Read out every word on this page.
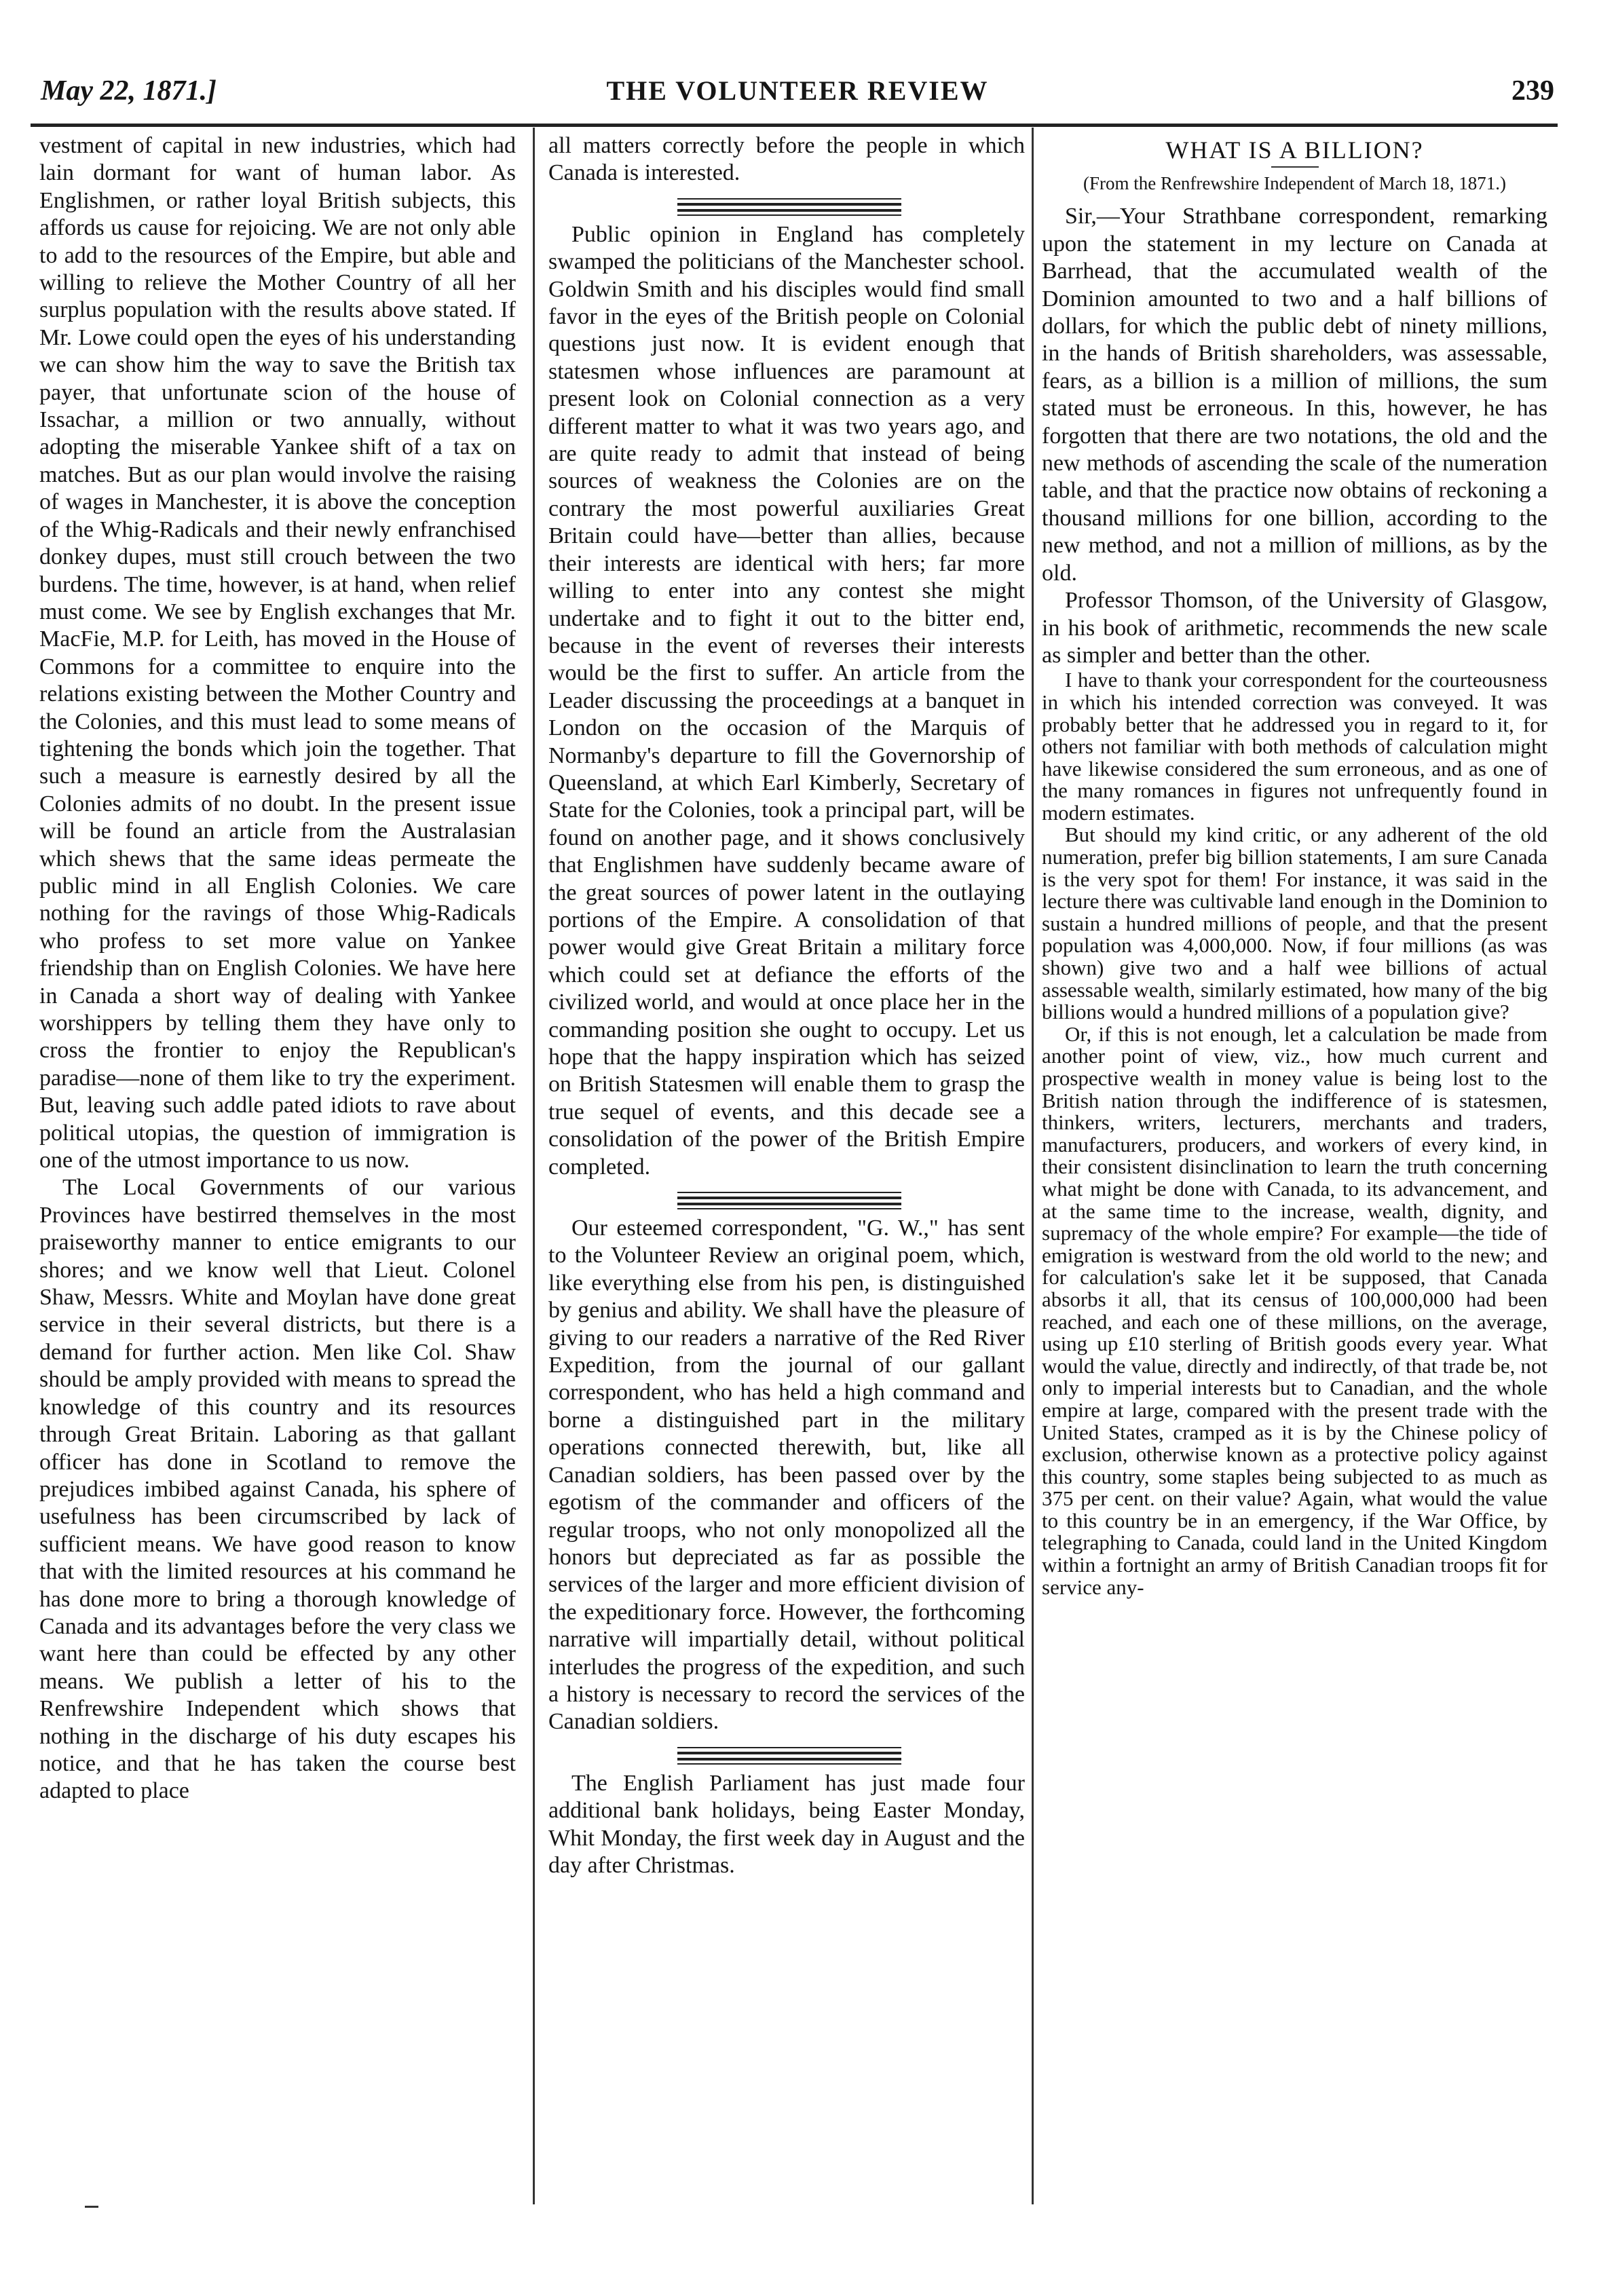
May 22, 1871.]	THE VOLUNTEER REVIEW	239

vestment of capital in new industries, which had lain dormant for want of human labor. As Englishmen, or rather loyal British subjects, this affords us cause for rejoicing. We are not only able to add to the resources of the Empire, but able and willing to relieve the Mother Country of all her surplus population with the results above stated. If Mr. Lowe could open the eyes of his understanding we can show him the way to save the British tax payer, that unfortunate scion of the house of Issachar, a million or two annually, without adopting the miserable Yankee shift of a tax on matches. But as our plan would involve the raising of wages in Manchester, it is above the conception of the Whig-Radicals and their newly enfranchised donkey dupes, must still crouch between the two burdens. The time, however, is at hand, when relief must come. We see by English exchanges that Mr. MacFie, M.P. for Leith, has moved in the House of Commons for a committee to enquire into the relations existing between the Mother Country and the Colonies, and this must lead to some means of tightening the bonds which join the together. That such a measure is earnestly desired by all the Colonies admits of no doubt. In the present issue will be found an article from the Australasian which shews that the same ideas permeate the public mind in all English Colonies. We care nothing for the ravings of those Whig-Radicals who profess to set more value on Yankee friendship than on English Colonies. We have here in Canada a short way of dealing with Yankee worshippers by telling them they have only to cross the frontier to enjoy the Republican's paradise—none of them like to try the experiment. But, leaving such addle pated idiots to rave about political utopias, the question of immigration is one of the utmost importance to us now.

The Local Governments of our various Provinces have bestirred themselves in the most praiseworthy manner to entice emigrants to our shores; and we know well that Lieut. Colonel Shaw, Messrs. White and Moylan have done great service in their several districts, but there is a demand for further action. Men like Col. Shaw should be amply provided with means to spread the knowledge of this country and its resources through Great Britain. Laboring as that gallant officer has done in Scotland to remove the prejudices imbibed against Canada, his sphere of usefulness has been circumscribed by lack of sufficient means. We have good reason to know that with the limited resources at his command he has done more to bring a thorough knowledge of Canada and its advantages before the very class we want here than could be effected by any other means. We publish a letter of his to the Renfrewshire Independent which shows that nothing in the discharge of his duty escapes his notice, and that he has taken the course best adapted to place

all matters correctly before the people in which Canada is interested.

Public opinion in England has completely swamped the politicians of the Manchester school. Goldwin Smith and his disciples would find small favor in the eyes of the British people on Colonial questions just now. It is evident enough that statesmen whose influences are paramount at present look on Colonial connection as a very different matter to what it was two years ago, and are quite ready to admit that instead of being sources of weakness the Colonies are on the contrary the most powerful auxiliaries Great Britain could have—better than allies, because their interests are identical with hers; far more willing to enter into any contest she might undertake and to fight it out to the bitter end, because in the event of reverses their interests would be the first to suffer. An article from the Leader discussing the proceedings at a banquet in London on the occasion of the Marquis of Normanby's departure to fill the Governorship of Queensland, at which Earl Kimberly, Secretary of State for the Colonies, took a principal part, will be found on another page, and it shows conclusively that Englishmen have suddenly became aware of the great sources of power latent in the outlaying portions of the Empire. A consolidation of that power would give Great Britain a military force which could set at defiance the efforts of the civilized world, and would at once place her in the commanding position she ought to occupy. Let us hope that the happy inspiration which has seized on British Statesmen will enable them to grasp the true sequel of events, and this decade see a consolidation of the power of the British Empire completed.

Our esteemed correspondent, "G. W.," has sent to the Volunteer Review an original poem, which, like everything else from his pen, is distinguished by genius and ability. We shall have the pleasure of giving to our readers a narrative of the Red River Expedition, from the journal of our gallant correspondent, who has held a high command and borne a distinguished part in the military operations connected therewith, but, like all Canadian soldiers, has been passed over by the egotism of the commander and officers of the regular troops, who not only monopolized all the honors but depreciated as far as possible the services of the larger and more efficient division of the expeditionary force. However, the forthcoming narrative will impartially detail, without political interludes the progress of the expedition, and such a history is necessary to record the services of the Canadian soldiers.

The English Parliament has just made four additional bank holidays, being Easter Monday, Whit Monday, the first week day in August and the day after Christmas.

WHAT IS A BILLION?
(From the Renfrewshire Independent of March 18, 1871.)

Sir,—Your Strathbane correspondent, remarking upon the statement in my lecture on Canada at Barrhead, that the accumulated wealth of the Dominion amounted to two and a half billions of dollars, for which the public debt of ninety millions, in the hands of British shareholders, was assessable, fears, as a billion is a million of millions, the sum stated must be erroneous. In this, however, he has forgotten that there are two notations, the old and the new methods of ascending the scale of the numeration table, and that the practice now obtains of reckoning a thousand millions for one billion, according to the new method, and not a million of millions, as by the old.

Professor Thomson, of the University of Glasgow, in his book of arithmetic, recommends the new scale as simpler and better than the other.

I have to thank your correspondent for the courteousness in which his intended correction was conveyed. It was probably better that he addressed you in regard to it, for others not familiar with both methods of calculation might have likewise considered the sum erroneous, and as one of the many romances in figures not unfrequently found in modern estimates.

But should my kind critic, or any adherent of the old numeration, prefer big billion statements, I am sure Canada is the very spot for them! For instance, it was said in the lecture there was cultivable land enough in the Dominion to sustain a hundred millions of people, and that the present population was 4,000,000. Now, if four millions (as was shown) give two and a half wee billions of actual assessable wealth, similarly estimated, how many of the big billions would a hundred millions of a population give?

Or, if this is not enough, let a calculation be made from another point of view, viz., how much current and prospective wealth in money value is being lost to the British nation through the indifference of is statesmen, thinkers, writers, lecturers, merchants and traders, manufacturers, producers, and workers of every kind, in their consistent disinclination to learn the truth concerning what might be done with Canada, to its advancement, and at the same time to the increase, wealth, dignity, and supremacy of the whole empire? For example—the tide of emigration is westward from the old world to the new; and for calculation's sake let it be supposed, that Canada absorbs it all, that its census of 100,000,000 had been reached, and each one of these millions, on the average, using up £10 sterling of British goods every year. What would the value, directly and indirectly, of that trade be, not only to imperial interests but to Canadian, and the whole empire at large, compared with the present trade with the United States, cramped as it is by the Chinese policy of exclusion, otherwise known as a protective policy against this country, some staples being subjected to as much as 375 per cent. on their value? Again, what would the value to this country be in an emergency, if the War Office, by telegraphing to Canada, could land in the United Kingdom within a fortnight an army of British Canadian troops fit for service any-
